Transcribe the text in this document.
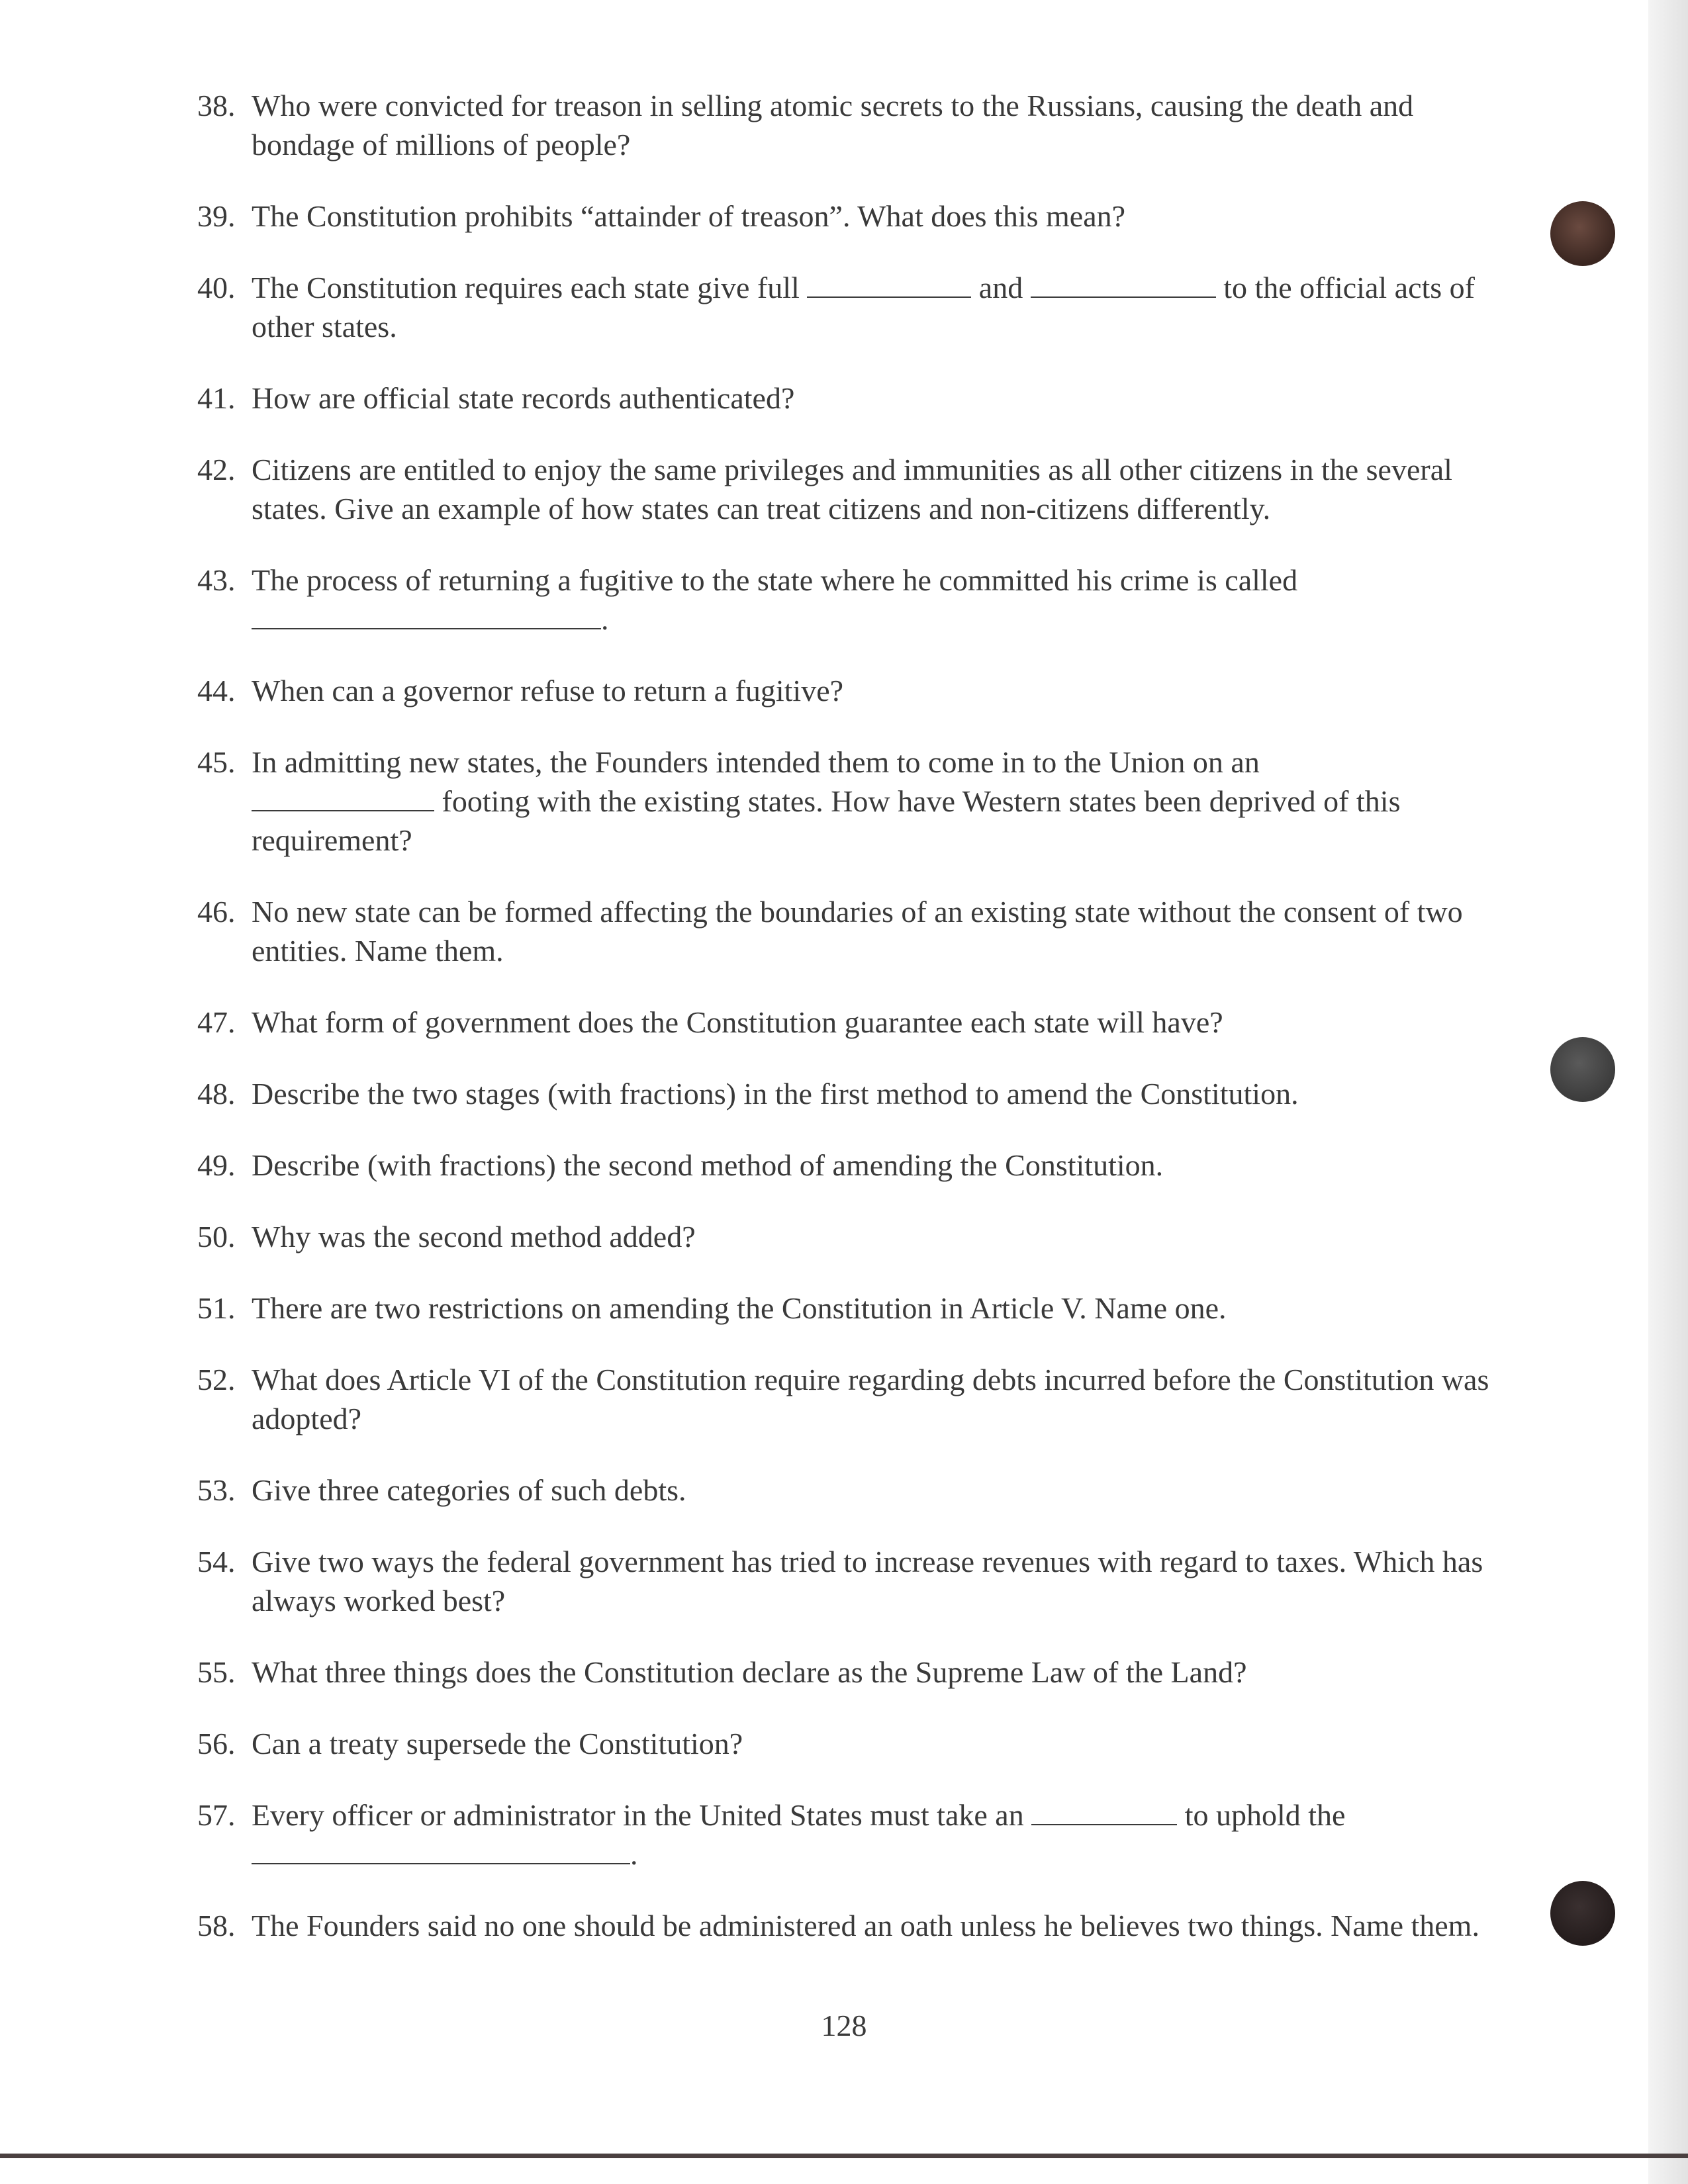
38. Who were convicted for treason in selling atomic secrets to the Russians, causing the death and bondage of millions of people?
39. The Constitution prohibits “attainder of treason”. What does this mean?
40. The Constitution requires each state give full	and	to the official acts of other states.
41. How are official state records authenticated?
42. Citizens are entitled to enjoy the same privileges and immunities as all other citizens in the several states. Give an example of how states can treat citizens and non-citizens differently.
43. The process of returning a fugitive to the state where he committed his crime is called
.
44. When can a governor refuse to return a fugitive?
45. In admitting new states, the Founders intended them to come in to the Union on an
footing with the existing states. How have Western states been deprived of this requirement?
46. No new state can be formed affecting the boundaries of an existing state without the consent of two entities. Name them.
47. What form of government does the Constitution guarantee each state will have?
48. Describe the two stages (with fractions) in the first method to amend the Constitution.
49. Describe (with fractions) the second method of amending the Constitution.
50. Why was the second method added?
51. There are two restrictions on amending the Constitution in Article V. Name one.
52. What does Article VI of the Constitution require regarding debts incurred before the Constitution was adopted?
53. Give three categories of such debts.
54. Give two ways the federal government has tried to increase revenues with regard to taxes. Which has always worked best?
55. What three things does the Constitution declare as the Supreme Law of the Land?
56. Can a treaty supersede the Constitution?
57. Every officer or administrator in the United States must take an	to uphold the
.
58. The Founders said no one should be administered an oath unless he believes two things. Name them.
128
